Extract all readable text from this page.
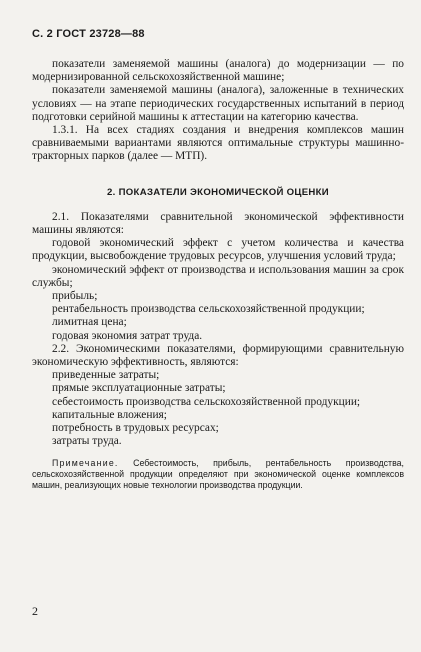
С. 2 ГОСТ 23728—88

показатели заменяемой машины (аналога) до модернизации — по модернизированной сельскохозяйственной машине;

показатели заменяемой машины (аналога), заложенные в технических условиях — на этапе периодических государственных испытаний в период подготовки серийной машины к аттестации на категорию качества.

1.3.1. На всех стадиях создания и внедрения комплексов машин сравниваемыми вариантами являются оптимальные структуры машинно-тракторных парков (далее — МТП).

2. ПОКАЗАТЕЛИ ЭКОНОМИЧЕСКОЙ ОЦЕНКИ

2.1. Показателями сравнительной экономической эффективности машины являются:

годовой экономический эффект с учетом количества и качества продукции, высвобождение трудовых ресурсов, улучшения условий труда;

экономический эффект от производства и использования машин за срок службы;

прибыль;

рентабельность производства сельскохозяйственной продукции;

лимитная цена;

годовая экономия затрат труда.

2.2. Экономическими показателями, формирующими сравнительную экономическую эффективность, являются:

приведенные затраты;

прямые эксплуатационные затраты;

себестоимость производства сельскохозяйственной продукции;

капитальные вложения;

потребность в трудовых ресурсах;

затраты труда.

Примечание. Себестоимость, прибыль, рентабельность производства, сельскохозяйственной продукции определяют при экономической оценке комплексов машин, реализующих новые технологии производства продукции.
2
